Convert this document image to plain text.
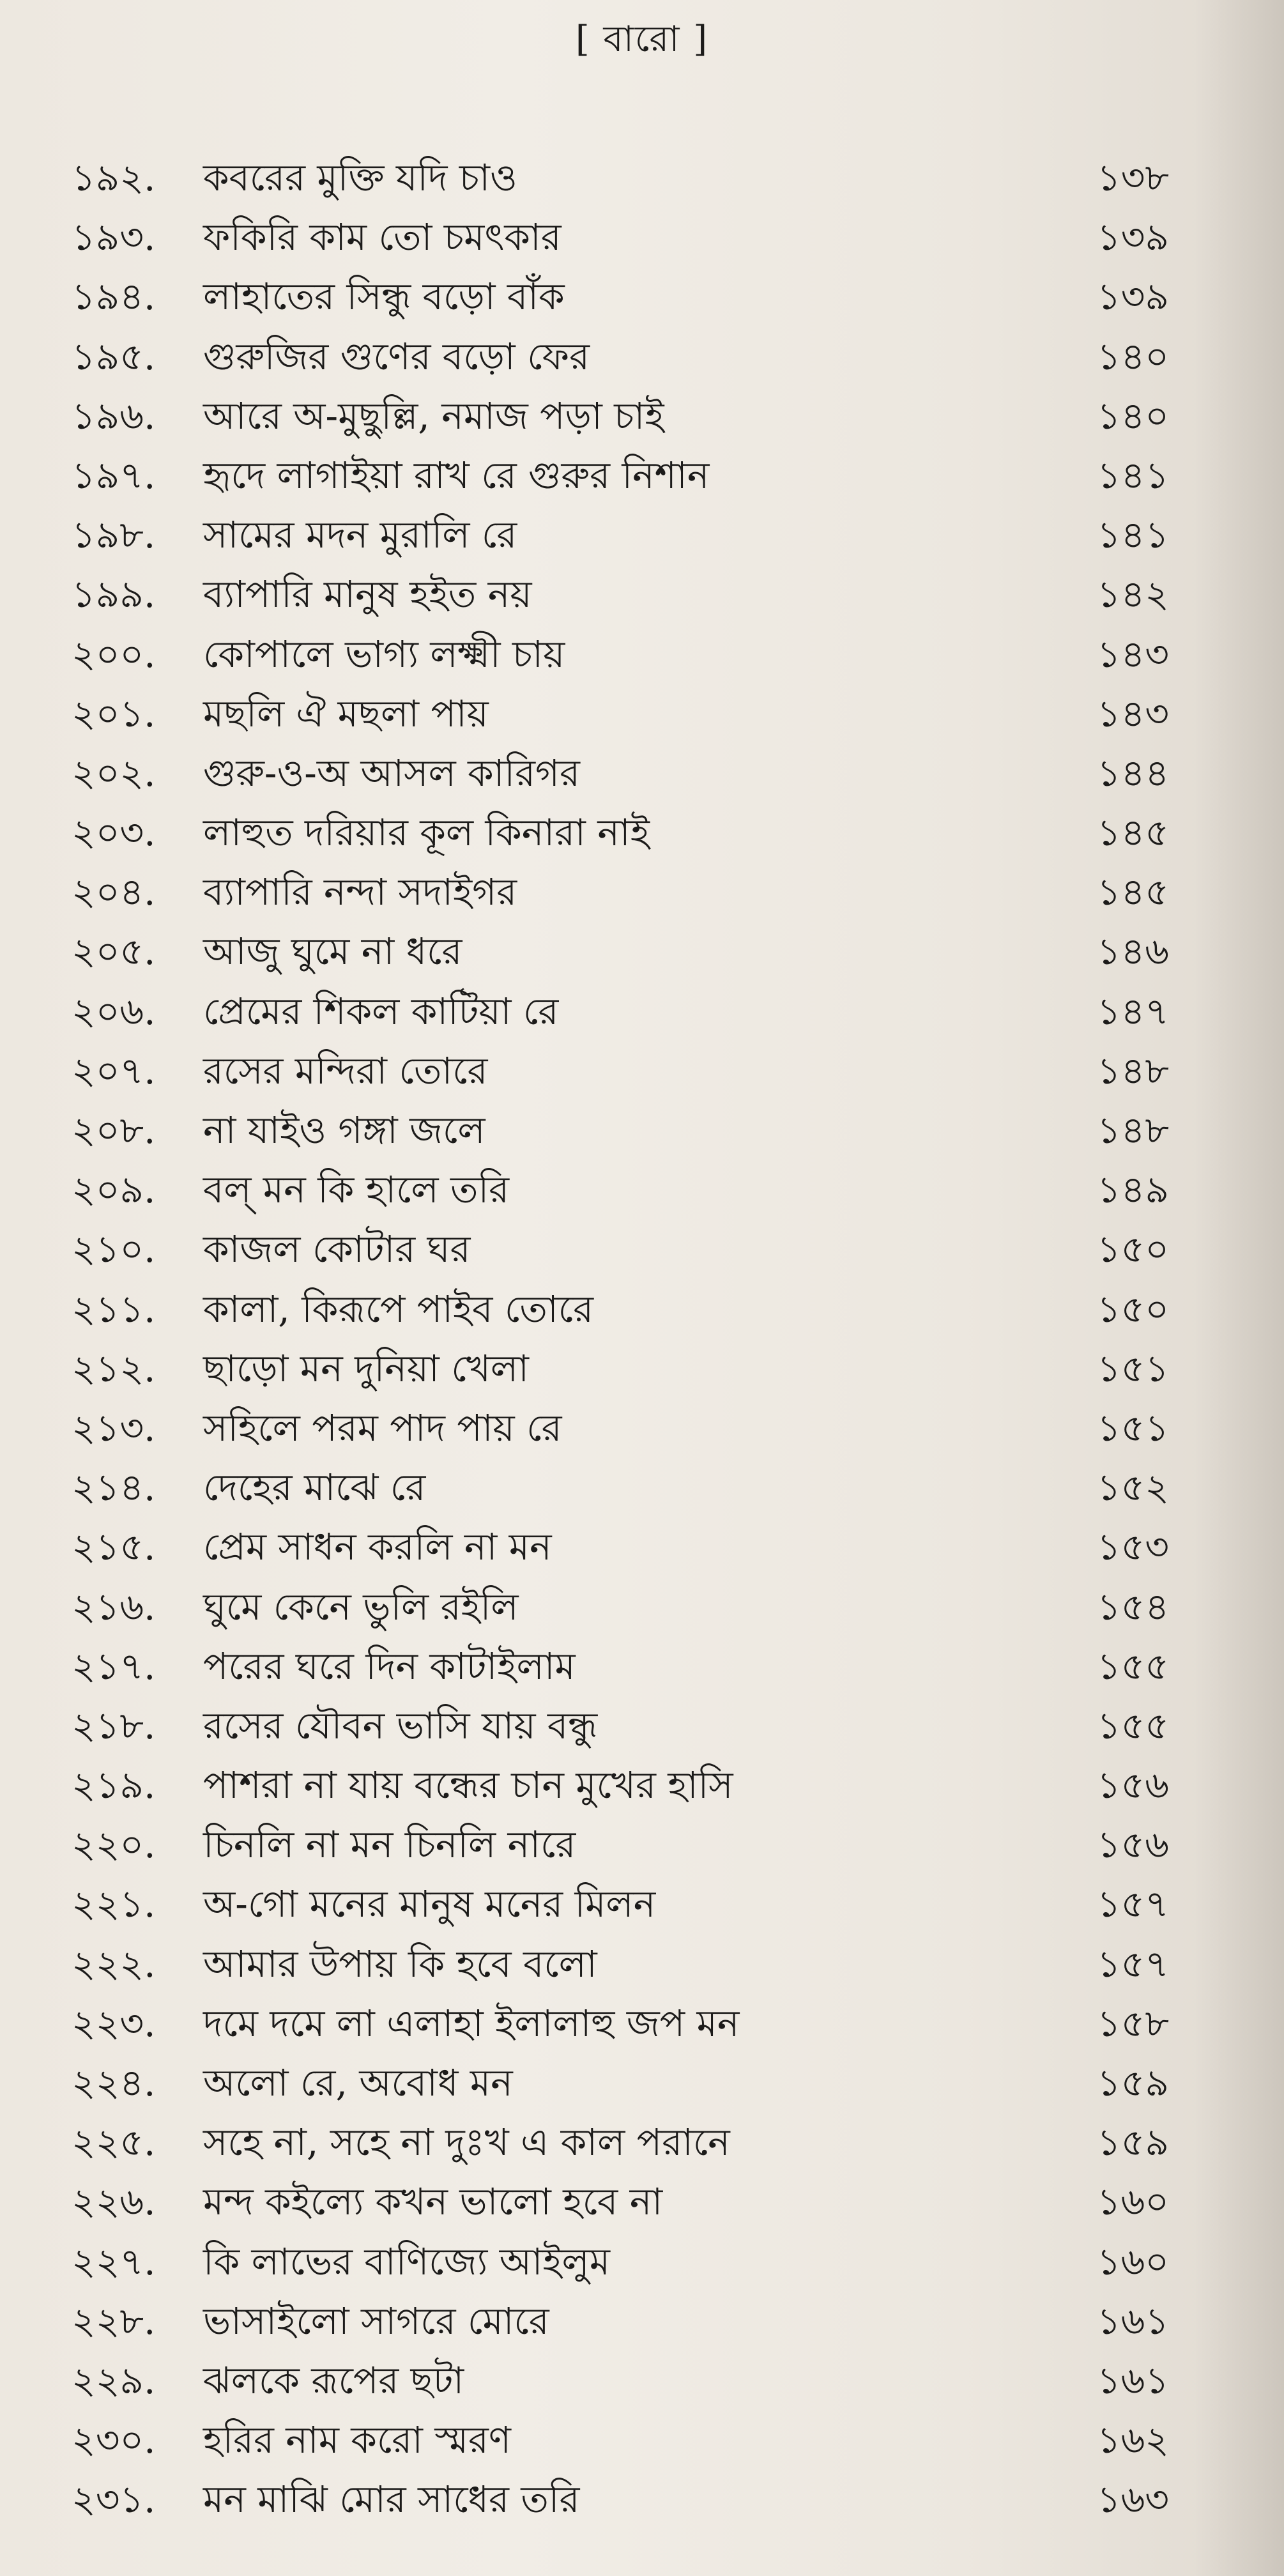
[ বারো ]
১৯২. কবরের মুক্তি যদি চাও	১৩৮
১৯৩. ফকিরি কাম তো চমৎকার	১৩৯
১৯৪. লাহাতের সিন্ধু বড়ো বাঁক	১৩৯
১৯৫. গুরুজির গুণের বড়ো ফের	১৪০
১৯৬. আরে অ-মুছুল্লি, নমাজ পড়া চাই	১৪০
১৯৭. হৃদে লাগাইয়া রাখ রে গুরুর নিশান	১৪১
১৯৮. সামের মদন মুরালি রে	১৪১
১৯৯. ব্যাপারি মানুষ হইত নয়	১৪২
২০০. কোপালে ভাগ্য লক্ষ্মী চায়	১৪৩
২০১. মছলি ঐ মছলা পায়	১৪৩
২০২. গুরু-ও-অ আসল কারিগর	১৪৪
২০৩. লাহুত দরিয়ার কূল কিনারা নাই	১৪৫
২০৪. ব্যাপারি নন্দা সদাইগর	১৪৫
২০৫. আজু ঘুমে না ধরে	১৪৬
২০৬. প্রেমের শিকল কাটিয়া রে	১৪৭
২০৭. রসের মন্দিরা তোরে	১৪৮
২০৮. না যাইও গঙ্গা জলে	১৪৮
২০৯. বল্‌ মন কি হালে তরি	১৪৯
২১০. কাজল কোটার ঘর	১৫০
২১১. কালা, কিরূপে পাইব তোরে	১৫০
২১২. ছাড়ো মন দুনিয়া খেলা	১৫১
২১৩. সহিলে পরম পাদ পায় রে	১৫১
২১৪. দেহের মাঝে রে	১৫২
২১৫. প্রেম সাধন করলি না মন	১৫৩
২১৬. ঘুমে কেনে ভুলি রইলি	১৫৪
২১৭. পরের ঘরে দিন কাটাইলাম	১৫৫
২১৮. রসের যৌবন ভাসি যায় বন্ধু	১৫৫
২১৯. পাশরা না যায় বন্ধের চান মুখের হাসি	১৫৬
২২০. চিনলি না মন চিনলি নারে	১৫৬
২২১. অ-গো মনের মানুষ মনের মিলন	১৫৭
২২২. আমার উপায় কি হবে বলো	১৫৭
২২৩. দমে দমে লা এলাহা ইলালাহু জপ মন	১৫৮
২২৪. অলো রে, অবোধ মন	১৫৯
২২৫. সহে না, সহে না দুঃখ এ কাল পরানে	১৫৯
২২৬. মন্দ কইল্যে কখন ভালো হবে না	১৬০
২২৭. কি লাভের বাণিজ্যে আইলুম	১৬০
২২৮. ভাসাইলো সাগরে মোরে	১৬১
২২৯. ঝলকে রূপের ছটা	১৬১
২৩০. হরির নাম করো স্মরণ	১৬২
২৩১. মন মাঝি মোর সাধের তরি	১৬৩
